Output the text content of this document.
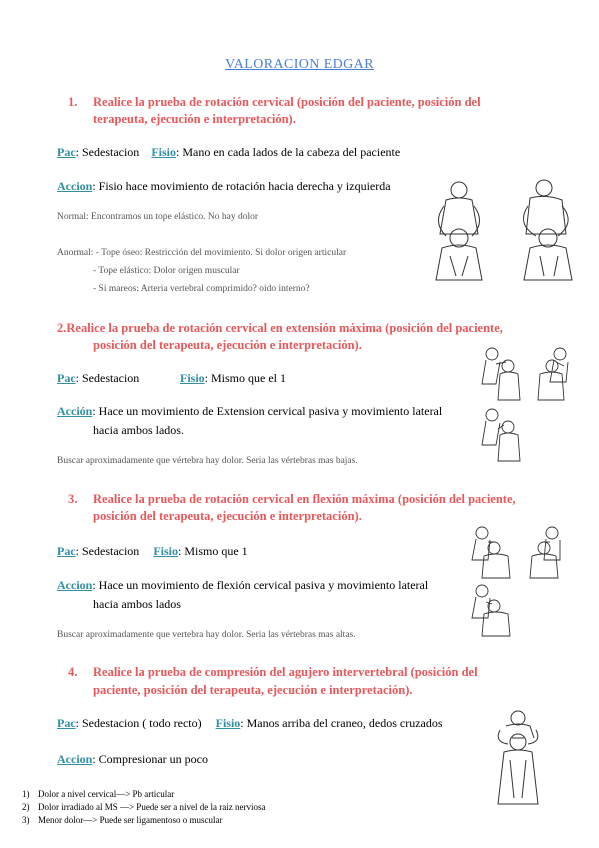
VALORACION EDGAR
1. Realice la prueba de rotación cervical (posición del paciente, posición del
terapeuta, ejecución e interpretación).
Pac: Sedestacion Fisio: Mano en cada lados de la cabeza del paciente
Accion: Fisio hace movimiento de rotación hacia derecha y izquierda
Normal: Encontramos un tope elástico. No hay dolor
Anormal: - Tope óseo: Restricción del movimiento. Si dolor origen articular
- Tope elástico: Dolor origen muscular
- Si mareos: Arteria vertebral comprimido? oido interno?
2.Realice la prueba de rotación cervical en extensión máxima (posición del paciente,
posición del terapeuta, ejecución e interpretación).
Pac: Sedestacion	Fisio: Mismo que el 1
Acción: Hace un movimiento de Extension cervical pasiva y movimiento lateral
hacia ambos lados.
Buscar aproximadamente que vértebra hay dolor. Seria las vértebras mas bajas.
3. Realice la prueba de rotación cervical en flexión máxima (posición del paciente,
posición del terapeuta, ejecución e interpretación).
Pac: Sedestacion Fisio: Mismo que 1
Accion: Hace un movimiento de flexión cervical pasiva y movimiento lateral
hacia ambos lados
Buscar aproximadamente que vertebra hay dolor. Seria las vértebras mas altas.
4. Realice la prueba de compresión del agujero intervertebral (posición del
paciente, posición del terapeuta, ejecución e interpretación).
Pac: Sedestacion ( todo recto) Fisio: Manos arriba del craneo, dedos cruzados
Accion: Compresionar un poco
1) Dolor a nivel cervical—> Pb articular
2) Dolor irradiado al MS —> Puede ser a nivel de la raiz nerviosa
3) Menor dolor—> Puede ser ligamentoso o muscular
